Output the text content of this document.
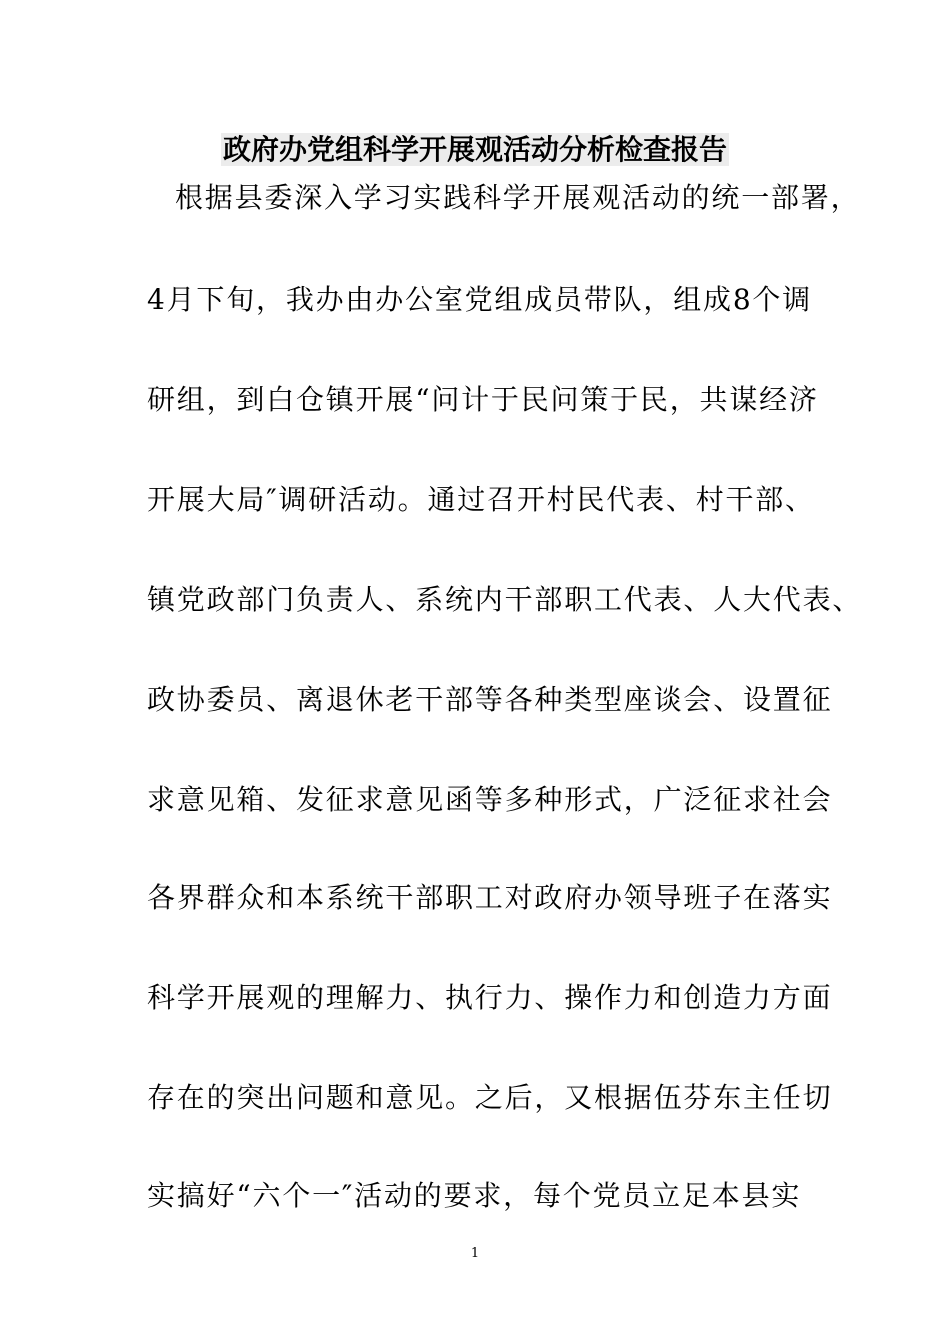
政府办党组科学开展观活动分析检查报告
根据县委深入学习实践科学开展观活动的统一部署，
4月下旬，我办由办公室党组成员带队，组成8个调
研组，到白仓镇开展“问计于民问策于民，共谋经济
开展大局″调研活动。通过召开村民代表、村干部、
镇党政部门负责人、系统内干部职工代表、人大代表、
政协委员、离退休老干部等各种类型座谈会、设置征
求意见箱、发征求意见函等多种形式，广泛征求社会
各界群众和本系统干部职工对政府办领导班子在落实
科学开展观的理解力、执行力、操作力和创造力方面
存在的突出问题和意见。之后，又根据伍芬东主任切
实搞好“六个一″活动的要求，每个党员立足本县实
1
